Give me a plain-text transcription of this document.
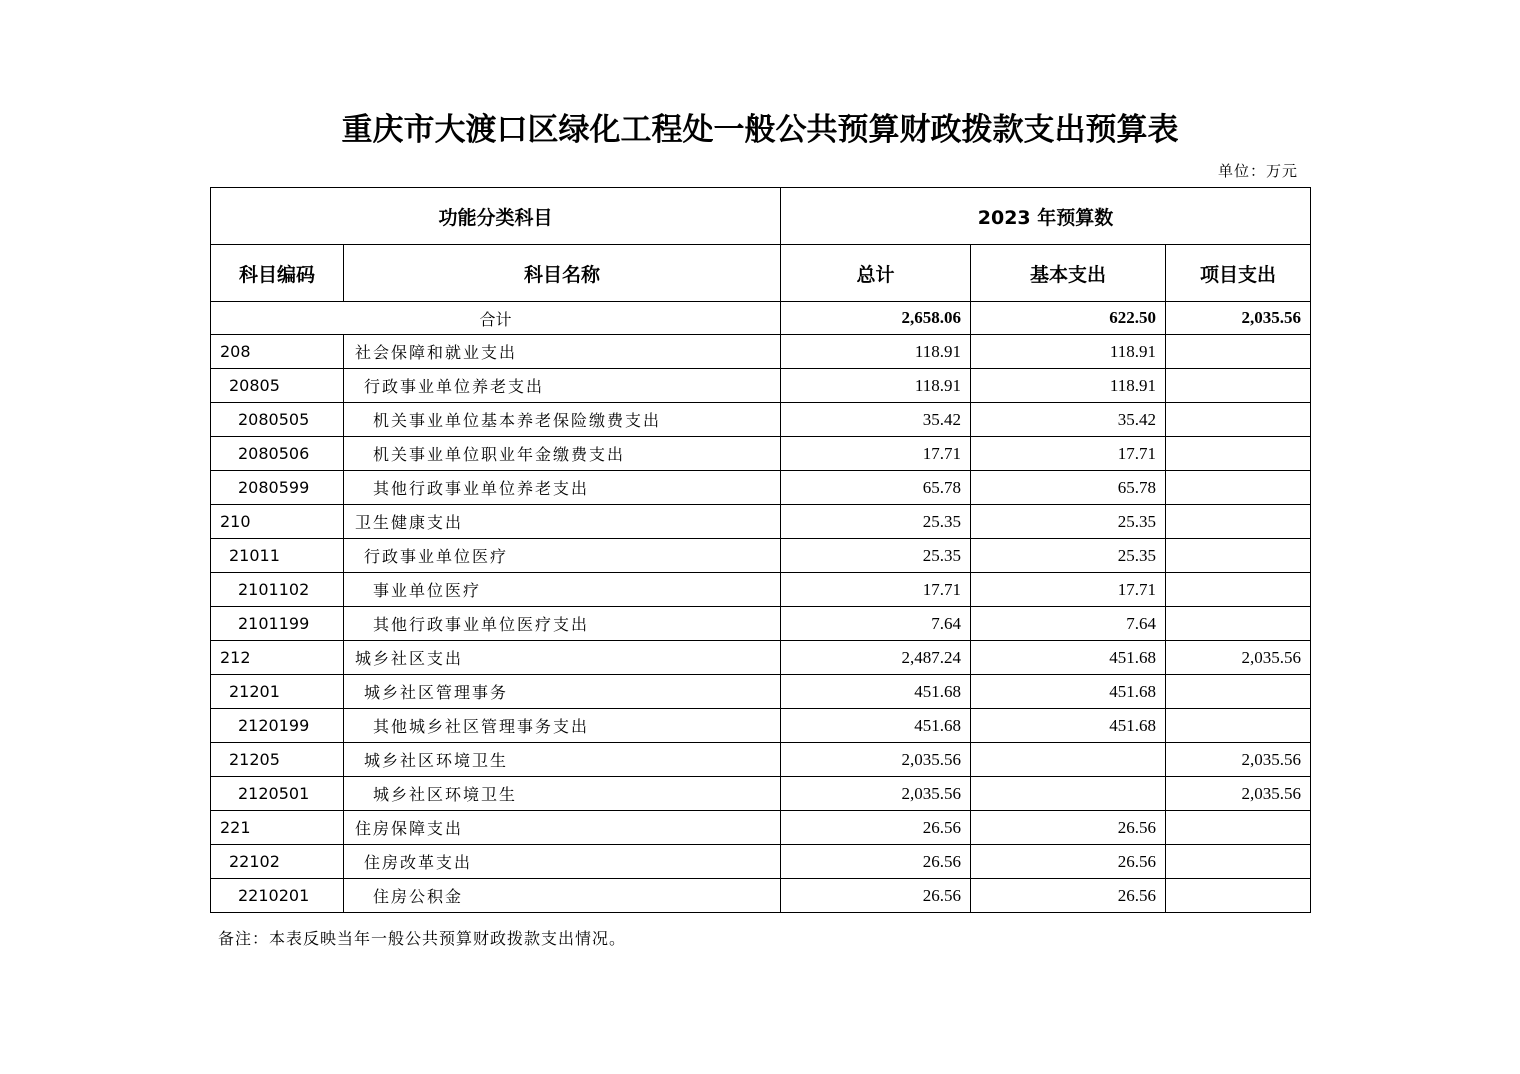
重庆市大渡口区绿化工程处一般公共预算财政拨款支出预算表
单位：万元
功能分类科目		2023 年预算数		
科目编码	科目名称	总计	基本支出	项目支出
合计		2,658.06	622.50	2,035.56
208	社会保障和就业支出	118.91	118.91	
20805	行政事业单位养老支出	118.91	118.91	
2080505	机关事业单位基本养老保险缴费支出	35.42	35.42	
2080506	机关事业单位职业年金缴费支出	17.71	17.71	
2080599	其他行政事业单位养老支出	65.78	65.78	
210	卫生健康支出	25.35	25.35	
21011	行政事业单位医疗	25.35	25.35	
2101102	事业单位医疗	17.71	17.71	
2101199	其他行政事业单位医疗支出	7.64	7.64	
212	城乡社区支出	2,487.24	451.68	2,035.56
21201	城乡社区管理事务	451.68	451.68	
2120199	其他城乡社区管理事务支出	451.68	451.68	
21205	城乡社区环境卫生	2,035.56		2,035.56
2120501	城乡社区环境卫生	2,035.56		2,035.56
221	住房保障支出	26.56	26.56	
22102	住房改革支出	26.56	26.56	
2210201	住房公积金	26.56	26.56	
备注：本表反映当年一般公共预算财政拨款支出情况。
